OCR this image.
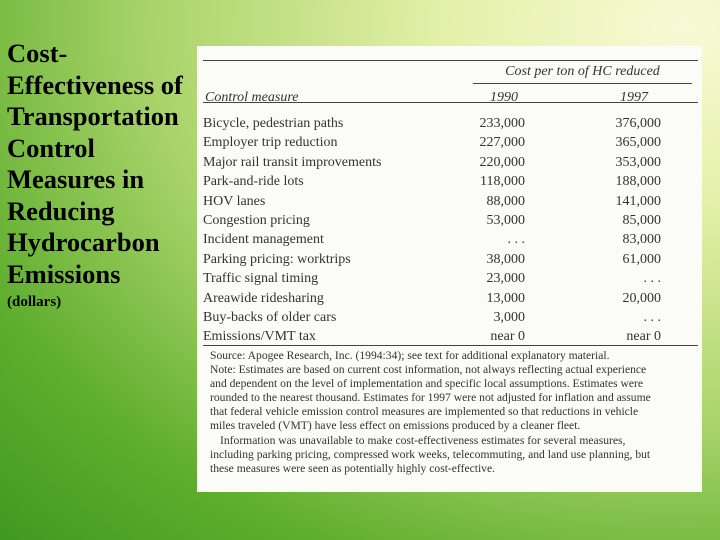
Cost-
Effectiveness of
Transportation
Control
Measures in
Reducing
Hydrocarbon
Emissions
(dollars)
Cost per ton of HC reduced
Control measure	1990	1997
Bicycle, pedestrian paths	233,000	376,000
Employer trip reduction	227,000	365,000
Major rail transit improvements	220,000	353,000
Park-and-ride lots	118,000	188,000
HOV lanes	88,000	141,000
Congestion pricing	53,000	85,000
Incident management	. . .	83,000
Parking pricing: worktrips	38,000	61,000
Traffic signal timing	23,000	. . .
Areawide ridesharing	13,000	20,000
Buy-backs of older cars	3,000	. . .
Emissions/VMT tax	near 0	near 0

Source: Apogee Research, Inc. (1994:34); see text for additional explanatory material.

Note: Estimates are based on current cost information, not always reflecting actual experience and dependent on the level of implementation and specific local assumptions. Estimates were rounded to the nearest thousand. Estimates for 1997 were not adjusted for inflation and assume that federal vehicle emission control measures are implemented so that reductions in vehicle miles traveled (VMT) have less effect on emissions produced by a cleaner fleet.

Information was unavailable to make cost-effectiveness estimates for several measures, including parking pricing, compressed work weeks, telecommuting, and land use planning, but these measures were seen as potentially highly cost-effective.
